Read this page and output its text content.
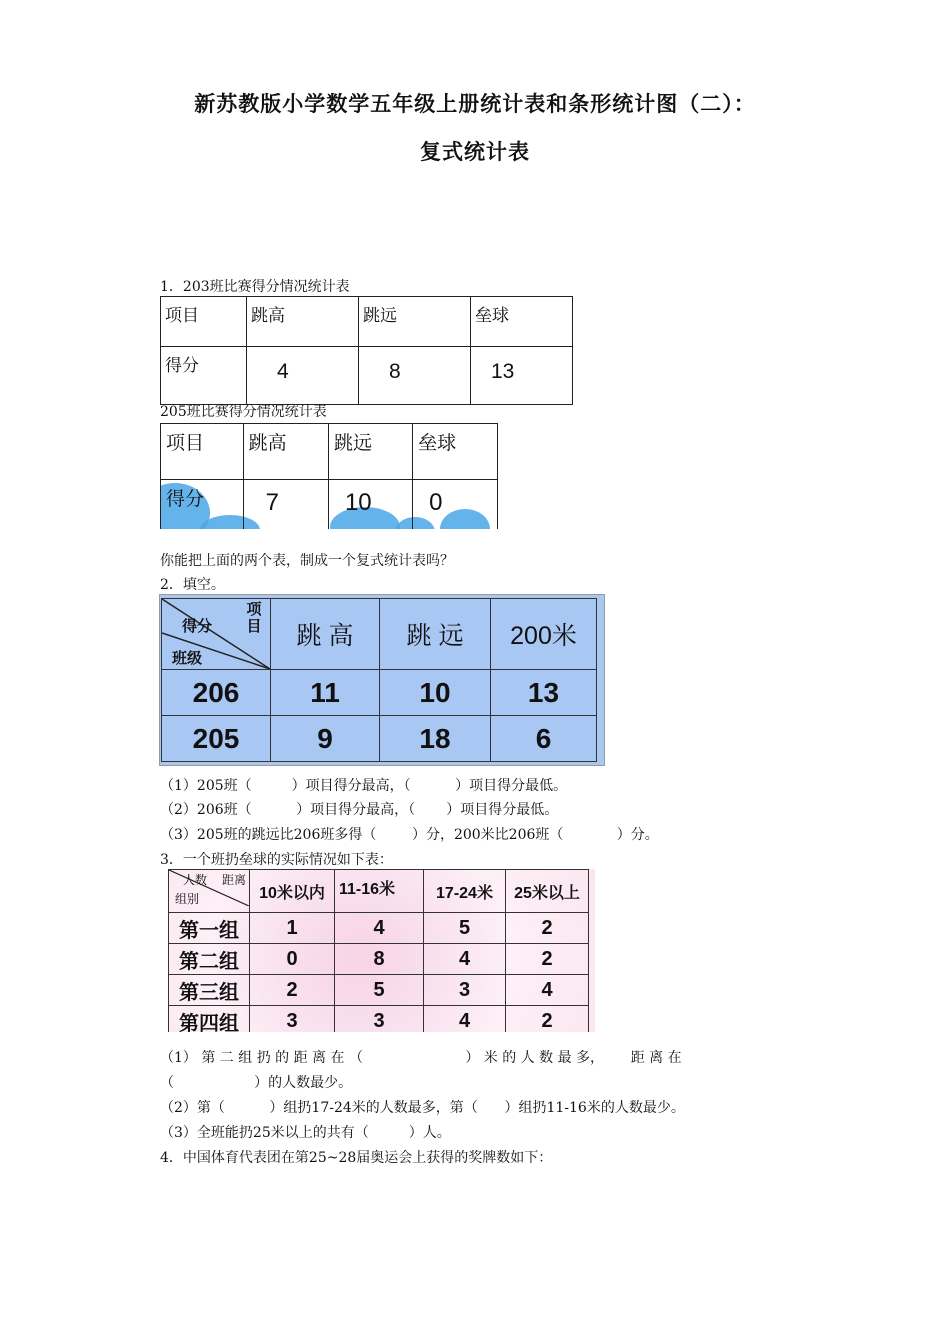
新苏教版小学数学五年级上册统计表和条形统计图（二）：
复式统计表
1．203班比赛得分情况统计表
项目	跳高	跳远	垒球
得分	4	8	13
205班比赛得分情况统计表
项目	跳高	跳远	垒球
得分	7	10	0
你能把上面的两个表，制成一个复式统计表吗？
2．填空。
项目
得分
班级	跳 高	跳 远	200米
206	11	10	13
205	9	18	6
（1）205班（         ）项目得分最高，（          ）项目得分最低。
（2）206班（          ）项目得分最高，（       ）项目得分最低。
（3）205班的跳远比206班多得（        ）分，200米比206班（            ）分。
3．一个班扔垒球的实际情况如下表：
人数 距离
组别	10米以内	11-16米	17-24米	25米以上
第一组	1	4	5	2
第二组	0	8	4	2
第三组	2	5	3	4
第四组	3	3	4	2
（1） 第 二 组 扔 的 距 离 在 （                       ） 米 的 人 数 最 多，      距 离 在
（                  ）的人数最少。
（2）第（          ）组扔17-24米的人数最多，第（      ）组扔11-16米的人数最少。
（3）全班能扔25米以上的共有（         ）人。
4．中国体育代表团在第25~28届奥运会上获得的奖牌数如下：
